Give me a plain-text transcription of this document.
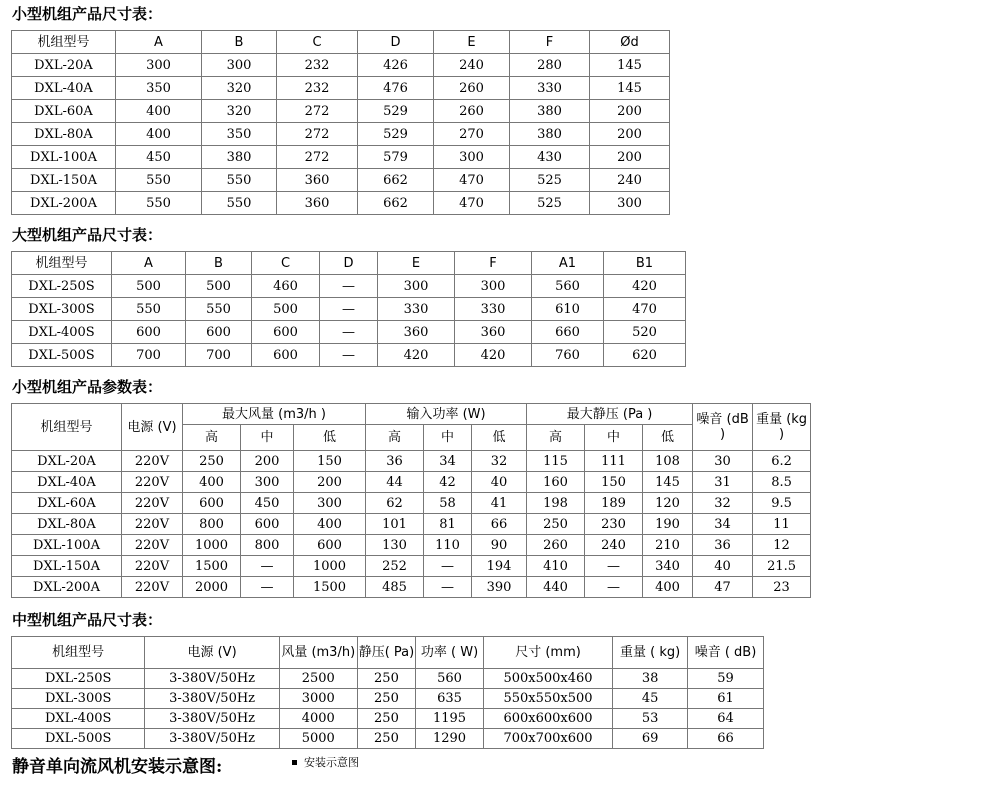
小型机组产品尺寸表：
机组型号	A	B	C	D	E	F	Ød
DXL-20A	300	300	232	426	240	280	145
DXL-40A	350	320	232	476	260	330	145
DXL-60A	400	320	272	529	260	380	200
DXL-80A	400	350	272	529	270	380	200
DXL-100A	450	380	272	579	300	430	200
DXL-150A	550	550	360	662	470	525	240
DXL-200A	550	550	360	662	470	525	300
大型机组产品尺寸表：
机组型号	A	B	C	D	E	F	A1	B1
DXL-250S	500	500	460	—	300	300	560	420
DXL-300S	550	550	500	—	330	330	610	470
DXL-400S	600	600	600	—	360	360	660	520
DXL-500S	700	700	600	—	420	420	760	620
小型机组产品参数表：
机组型号	电源 (V)	最大风量 (m3/h )			输入功率 (W)			最大静压 (Pa )			噪音 (dB )	重量 (kg )
		高	中	低	高	中	低	高	中	低		
DXL-20A	220V	250	200	150	36	34	32	115	111	108	30	6.2
DXL-40A	220V	400	300	200	44	42	40	160	150	145	31	8.5
DXL-60A	220V	600	450	300	62	58	41	198	189	120	32	9.5
DXL-80A	220V	800	600	400	101	81	66	250	230	190	34	11
DXL-100A	220V	1000	800	600	130	110	90	260	240	210	36	12
DXL-150A	220V	1500	—	1000	252	—	194	410	—	340	40	21.5
DXL-200A	220V	2000	—	1500	485	—	390	440	—	400	47	23
中型机组产品尺寸表：
机组型号	电源 (V)	风量 (m3/h)	静压( Pa)	功率 ( W)	尺寸 (mm)	重量 ( kg)	噪音 ( dB)
DXL-250S	3-380V/50Hz	2500	250	560	500x500x460	38	59
DXL-300S	3-380V/50Hz	3000	250	635	550x550x500	45	61
DXL-400S	3-380V/50Hz	4000	250	1195	600x600x600	53	64
DXL-500S	3-380V/50Hz	5000	250	1290	700x700x600	69	66
静音单向流风机安装示意图:	安装示意图
